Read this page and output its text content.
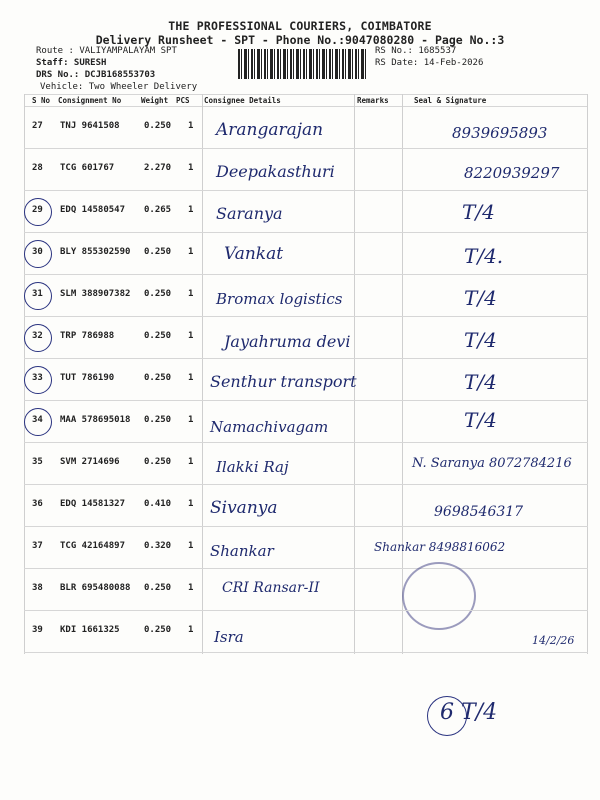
THE PROFESSIONAL COURIERS, COIMBATORE
Delivery Runsheet - SPT - Phone No.:9047080280 - Page No.:3
Route : VALIYAMPALAYAM SPT
Staff: SURESH
DRS No.: DCJB168553703
Vehicle: Two Wheeler Delivery
RS No.: 1685537
RS Date: 14-Feb-2026
S No Consignment No	Weight PCS Consignee Details	Remarks	Seal & Signature
27 TNJ 9641508	0.250 1 Arangarajan	8939695893
28 TCG 601767	2.270 1 Deepakasthuri	8220939297
29 EDQ 14580547 0.265 1 Saranya	T/4
30 BLY 855302590 0.250 1 Vankat	T/4.
31 SLM 388907382 0.250 1 Bromax logistics	T/4
32 TRP 786988	0.250 1 Jayahruma devi	T/4
33 TUT 786190	0.250 1 Senthur transport	T/4
34 MAA 578695018 0.250 1 Namachivagam	T/4
35 SVM 2714696	0.250 1 Ilakki Raj	N. Saranya 8072784216
36 EDQ 14581327 0.410 1 Sivanya	9698546317
37 TCG 42164897 0.320 1 Shankar	Shankar 8498816062
38 BLR 695480088 0.250 1 CRI Ransar-II
39 KDI 1661325	0.250 1 Isra	14/2/26
6 T/4
